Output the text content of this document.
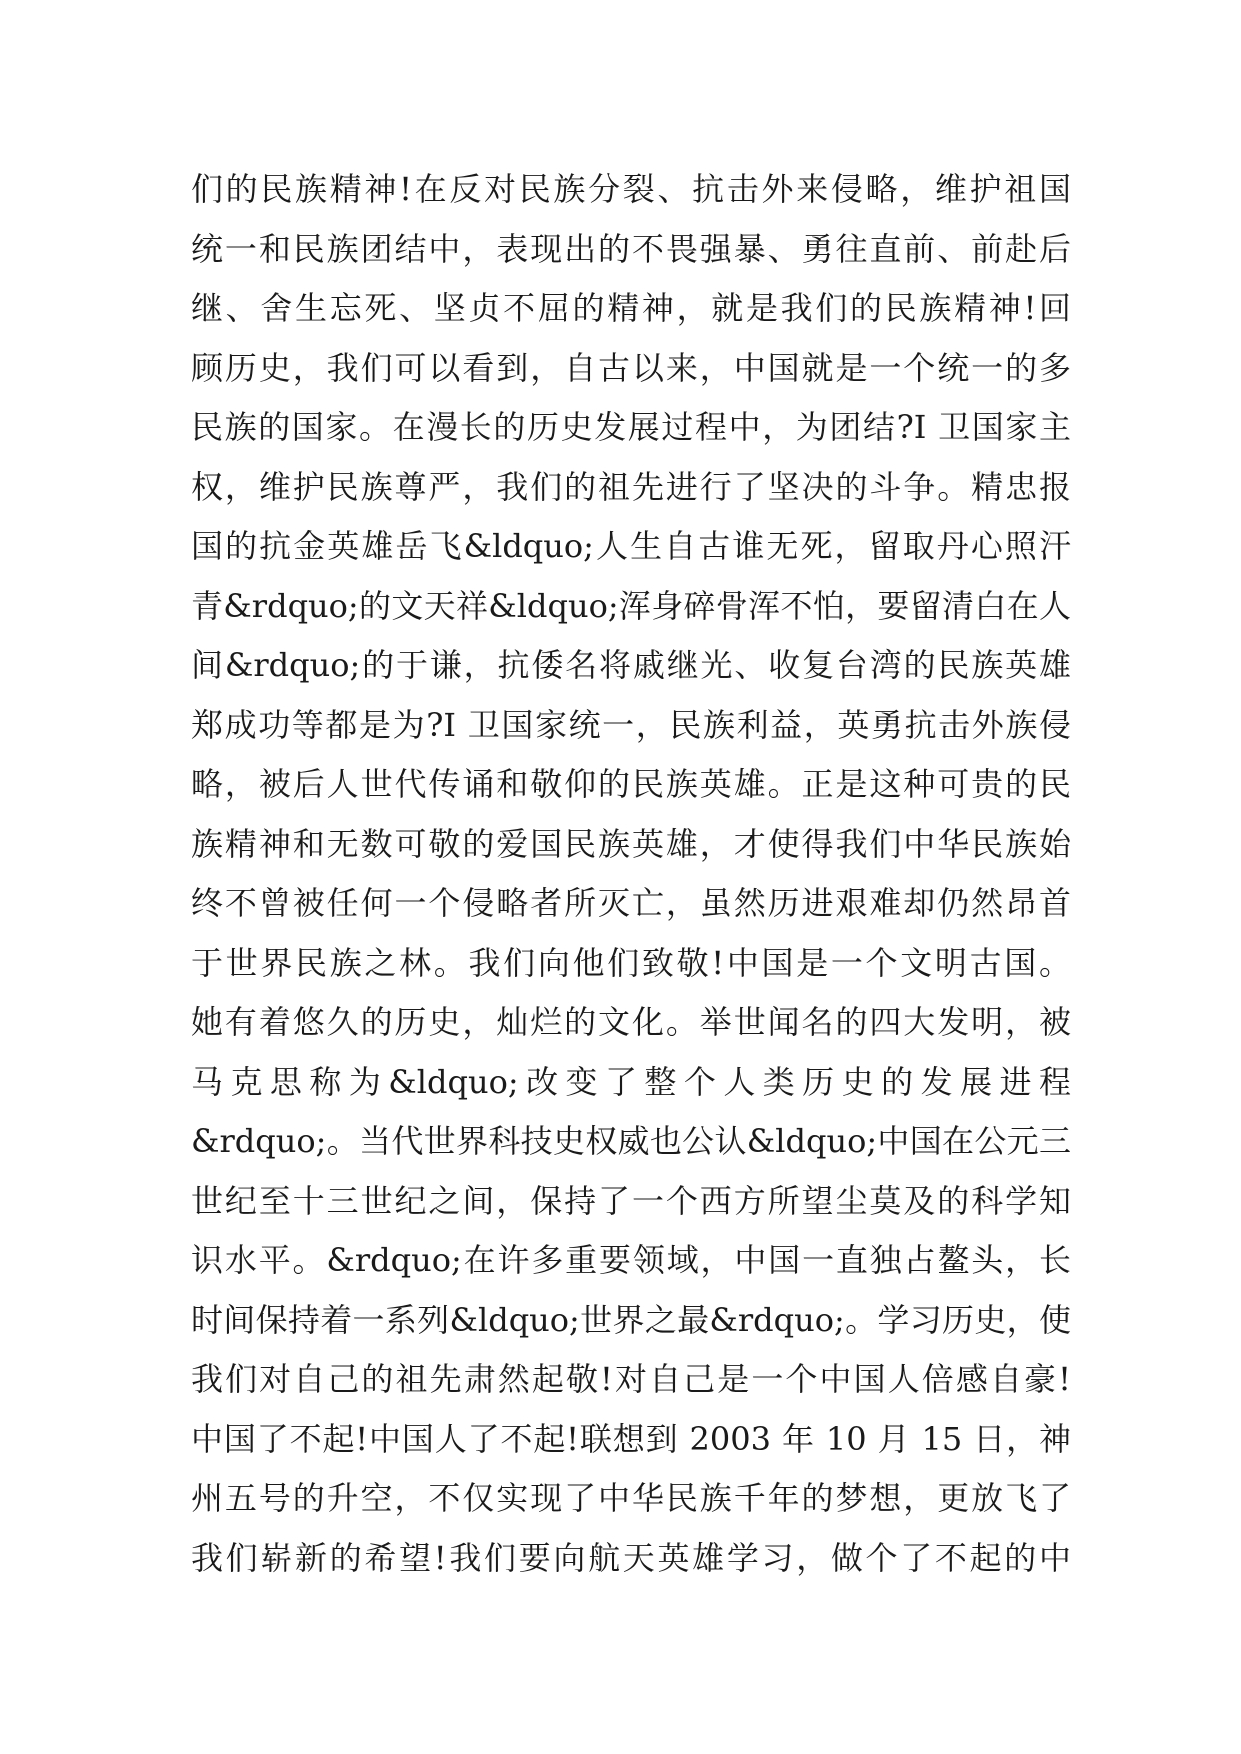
们的民族精神!在反对民族分裂、抗击外来侵略，维护祖国
统一和民族团结中，表现出的不畏强暴、勇往直前、前赴后
继、舍生忘死、坚贞不屈的精神，就是我们的民族精神!回
顾历史，我们可以看到，自古以来，中国就是一个统一的多
民族的国家。在漫长的历史发展过程中，为团结?I 卫国家主
权，维护民族尊严，我们的祖先进行了坚决的斗争。精忠报
国的抗金英雄岳飞&ldquo;人生自古谁无死，留取丹心照汗
青&rdquo;的文天祥&ldquo;浑身碎骨浑不怕，要留清白在人
间&rdquo;的于谦，抗倭名将戚继光、收复台湾的民族英雄
郑成功等都是为?I 卫国家统一，民族利益，英勇抗击外族侵
略，被后人世代传诵和敬仰的民族英雄。正是这种可贵的民
族精神和无数可敬的爱国民族英雄，才使得我们中华民族始
终不曾被任何一个侵略者所灭亡，虽然历进艰难却仍然昂首
于世界民族之林。我们向他们致敬!中国是一个文明古国。
她有着悠久的历史，灿烂的文化。举世闻名的四大发明，被
马克思称为&ldquo;改变了整个人类历史的发展进程
&rdquo;。当代世界科技史权威也公认&ldquo;中国在公元三
世纪至十三世纪之间，保持了一个西方所望尘莫及的科学知
识水平。&rdquo;在许多重要领域，中国一直独占鳌头，长
时间保持着一系列&ldquo;世界之最&rdquo;。学习历史，使
我们对自己的祖先肃然起敬!对自己是一个中国人倍感自豪!
中国了不起!中国人了不起!联想到 2003 年 10 月 15 日，神
州五号的升空，不仅实现了中华民族千年的梦想，更放飞了
我们崭新的希望!我们要向航天英雄学习，做个了不起的中
